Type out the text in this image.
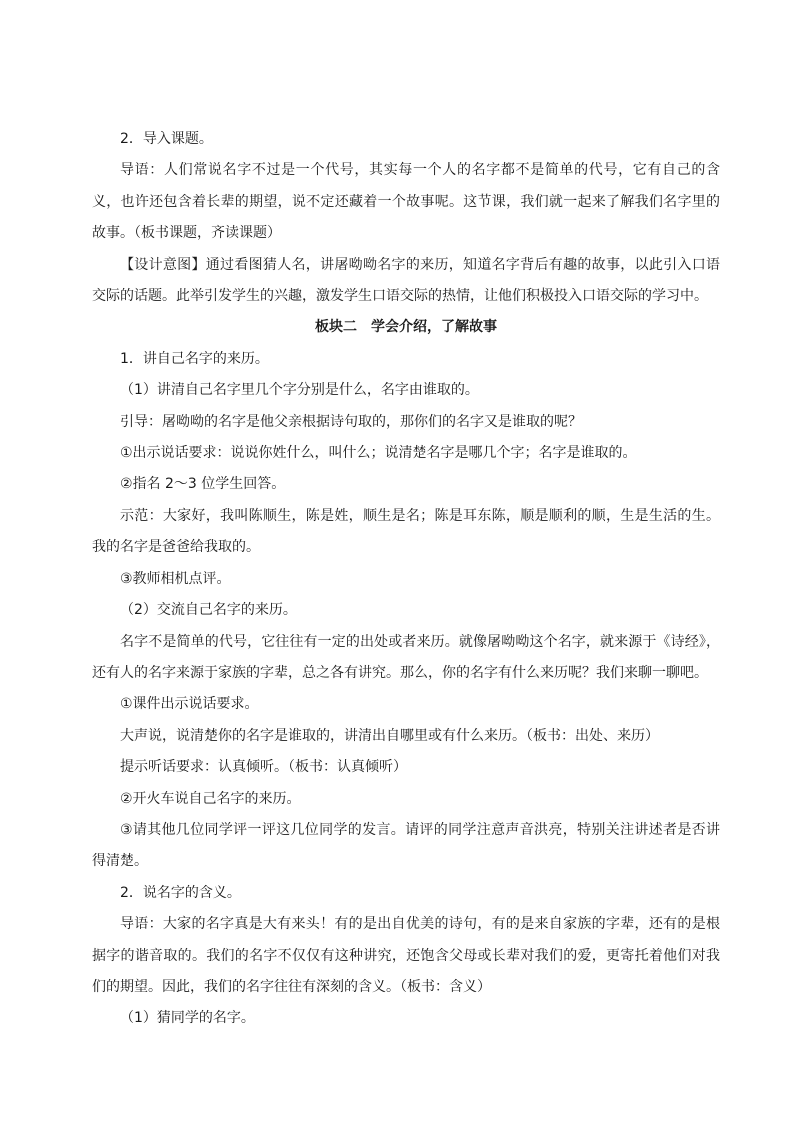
2．导入课题。

导语：人们常说名字不过是一个代号，其实每一个人的名字都不是简单的代号，它有自己的含义，也许还包含着长辈的期望，说不定还藏着一个故事呢。这节课，我们就一起来了解我们名字里的故事。（板书课题，齐读课题）

【设计意图】通过看图猜人名，讲屠呦呦名字的来历，知道名字背后有趣的故事，以此引入口语交际的话题。此举引发学生的兴趣，激发学生口语交际的热情，让他们积极投入口语交际的学习中。

板块二　学会介绍，了解故事

1．讲自己名字的来历。

（1）讲清自己名字里几个字分别是什么，名字由谁取的。

引导：屠呦呦的名字是他父亲根据诗句取的，那你们的名字又是谁取的呢？

①出示说话要求：说说你姓什么，叫什么；说清楚名字是哪几个字；名字是谁取的。

②指名 2～3 位学生回答。

示范：大家好，我叫陈顺生，陈是姓，顺生是名；陈是耳东陈，顺是顺利的顺，生是生活的生。我的名字是爸爸给我取的。

③教师相机点评。

（2）交流自己名字的来历。

名字不是简单的代号，它往往有一定的出处或者来历。就像屠呦呦这个名字，就来源于《诗经》，还有人的名字来源于家族的字辈，总之各有讲究。那么，你的名字有什么来历呢？我们来聊一聊吧。

①课件出示说话要求。

大声说，说清楚你的名字是谁取的，讲清出自哪里或有什么来历。（板书：出处、来历）

提示听话要求：认真倾听。（板书：认真倾听）

②开火车说自己名字的来历。

③请其他几位同学评一评这几位同学的发言。请评的同学注意声音洪亮，特别关注讲述者是否讲得清楚。

2．说名字的含义。

导语：大家的名字真是大有来头！有的是出自优美的诗句，有的是来自家族的字辈，还有的是根据字的谐音取的。我们的名字不仅仅有这种讲究，还饱含父母或长辈对我们的爱，更寄托着他们对我们的期望。因此，我们的名字往往有深刻的含义。（板书：含义）

（1）猜同学的名字。
